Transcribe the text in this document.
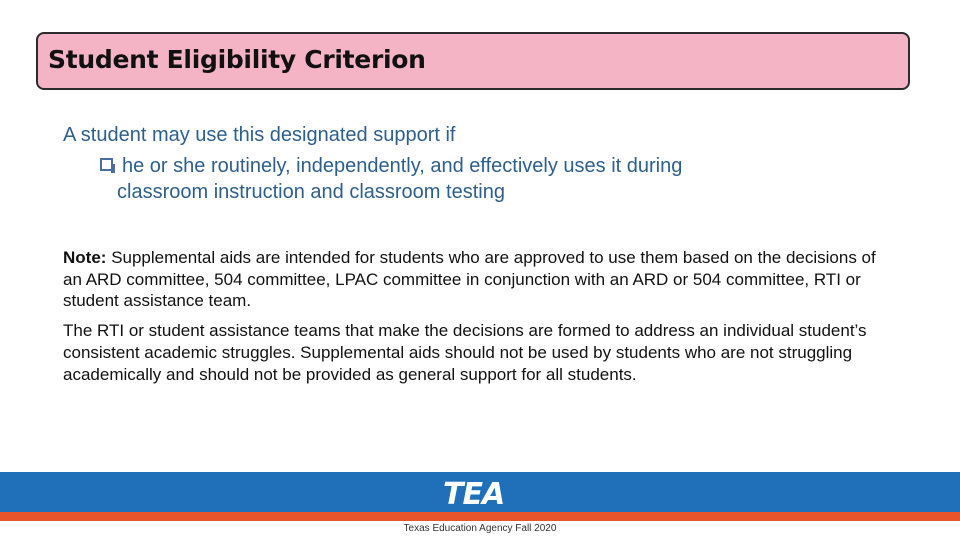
Student Eligibility Criterion
A student may use this designated support if
he or she routinely, independently, and effectively uses it during
classroom instruction and classroom testing
Note: Supplemental aids are intended for students who are approved to use them based on the decisions of an ARD committee, 504 committee, LPAC committee in conjunction with an ARD or 504 committee, RTI or student assistance team.
The RTI or student assistance teams that make the decisions are formed to address an individual student’s consistent academic struggles. Supplemental aids should not be used by students who are not struggling academically and should not be provided as general support for all students.
TEA
Texas Education Agency Fall 2020
